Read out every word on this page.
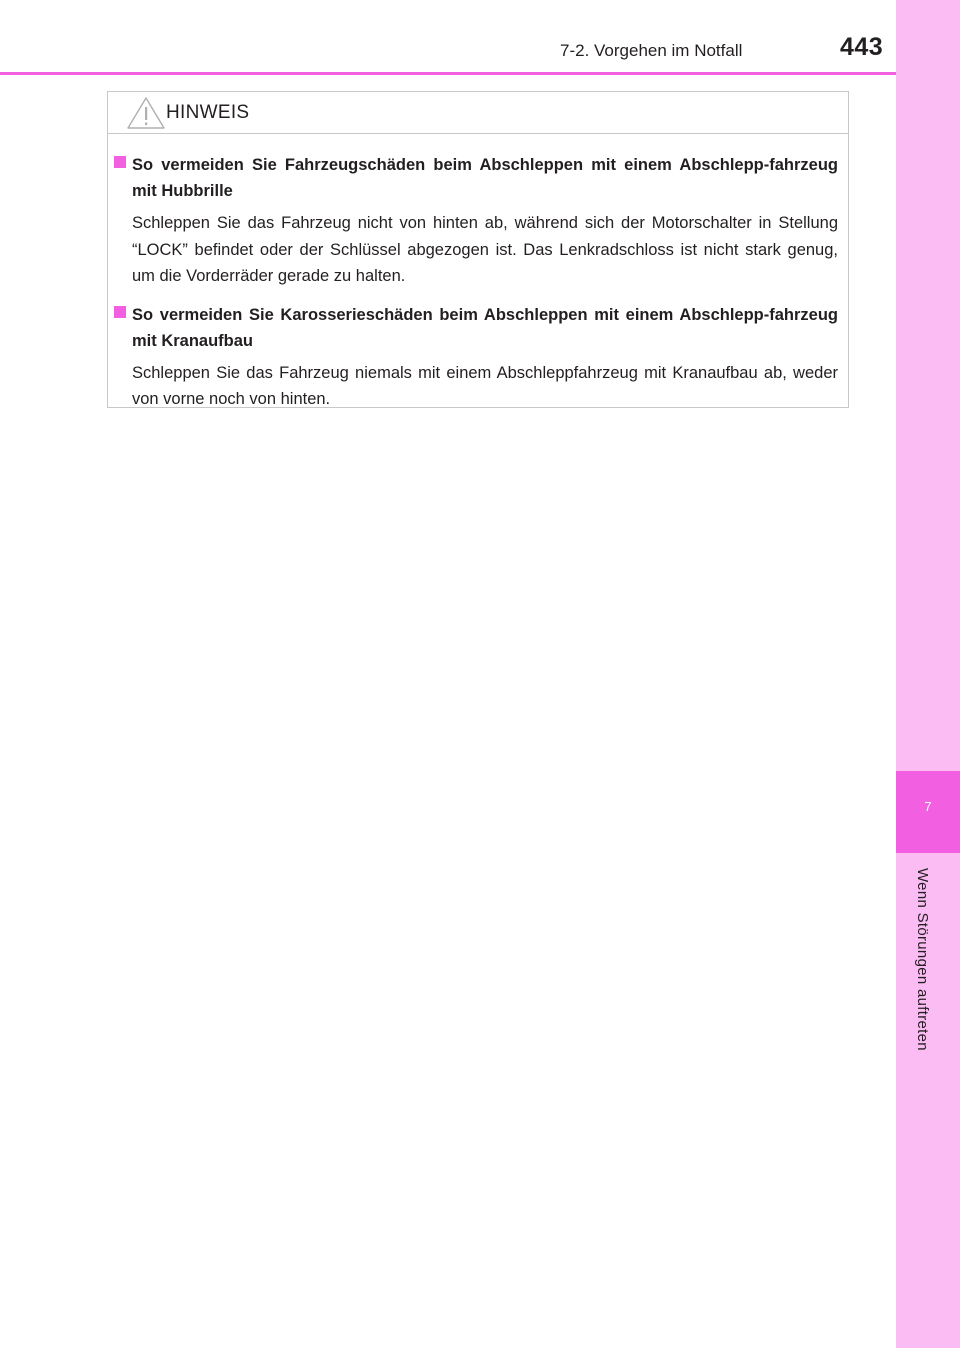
7
Wenn Störungen auftreten
7-2. Vorgehen im Notfall	443
HINWEIS
So vermeiden Sie Fahrzeugschäden beim Abschleppen mit einem Abschlepp-fahrzeug mit Hubbrille
Schleppen Sie das Fahrzeug nicht von hinten ab, während sich der Motorschalter in Stellung “LOCK” befindet oder der Schlüssel abgezogen ist. Das Lenkradschloss ist nicht stark genug, um die Vorderräder gerade zu halten.
So vermeiden Sie Karosserieschäden beim Abschleppen mit einem Abschlepp-fahrzeug mit Kranaufbau
Schleppen Sie das Fahrzeug niemals mit einem Abschleppfahrzeug mit Kranaufbau ab, weder von vorne noch von hinten.
